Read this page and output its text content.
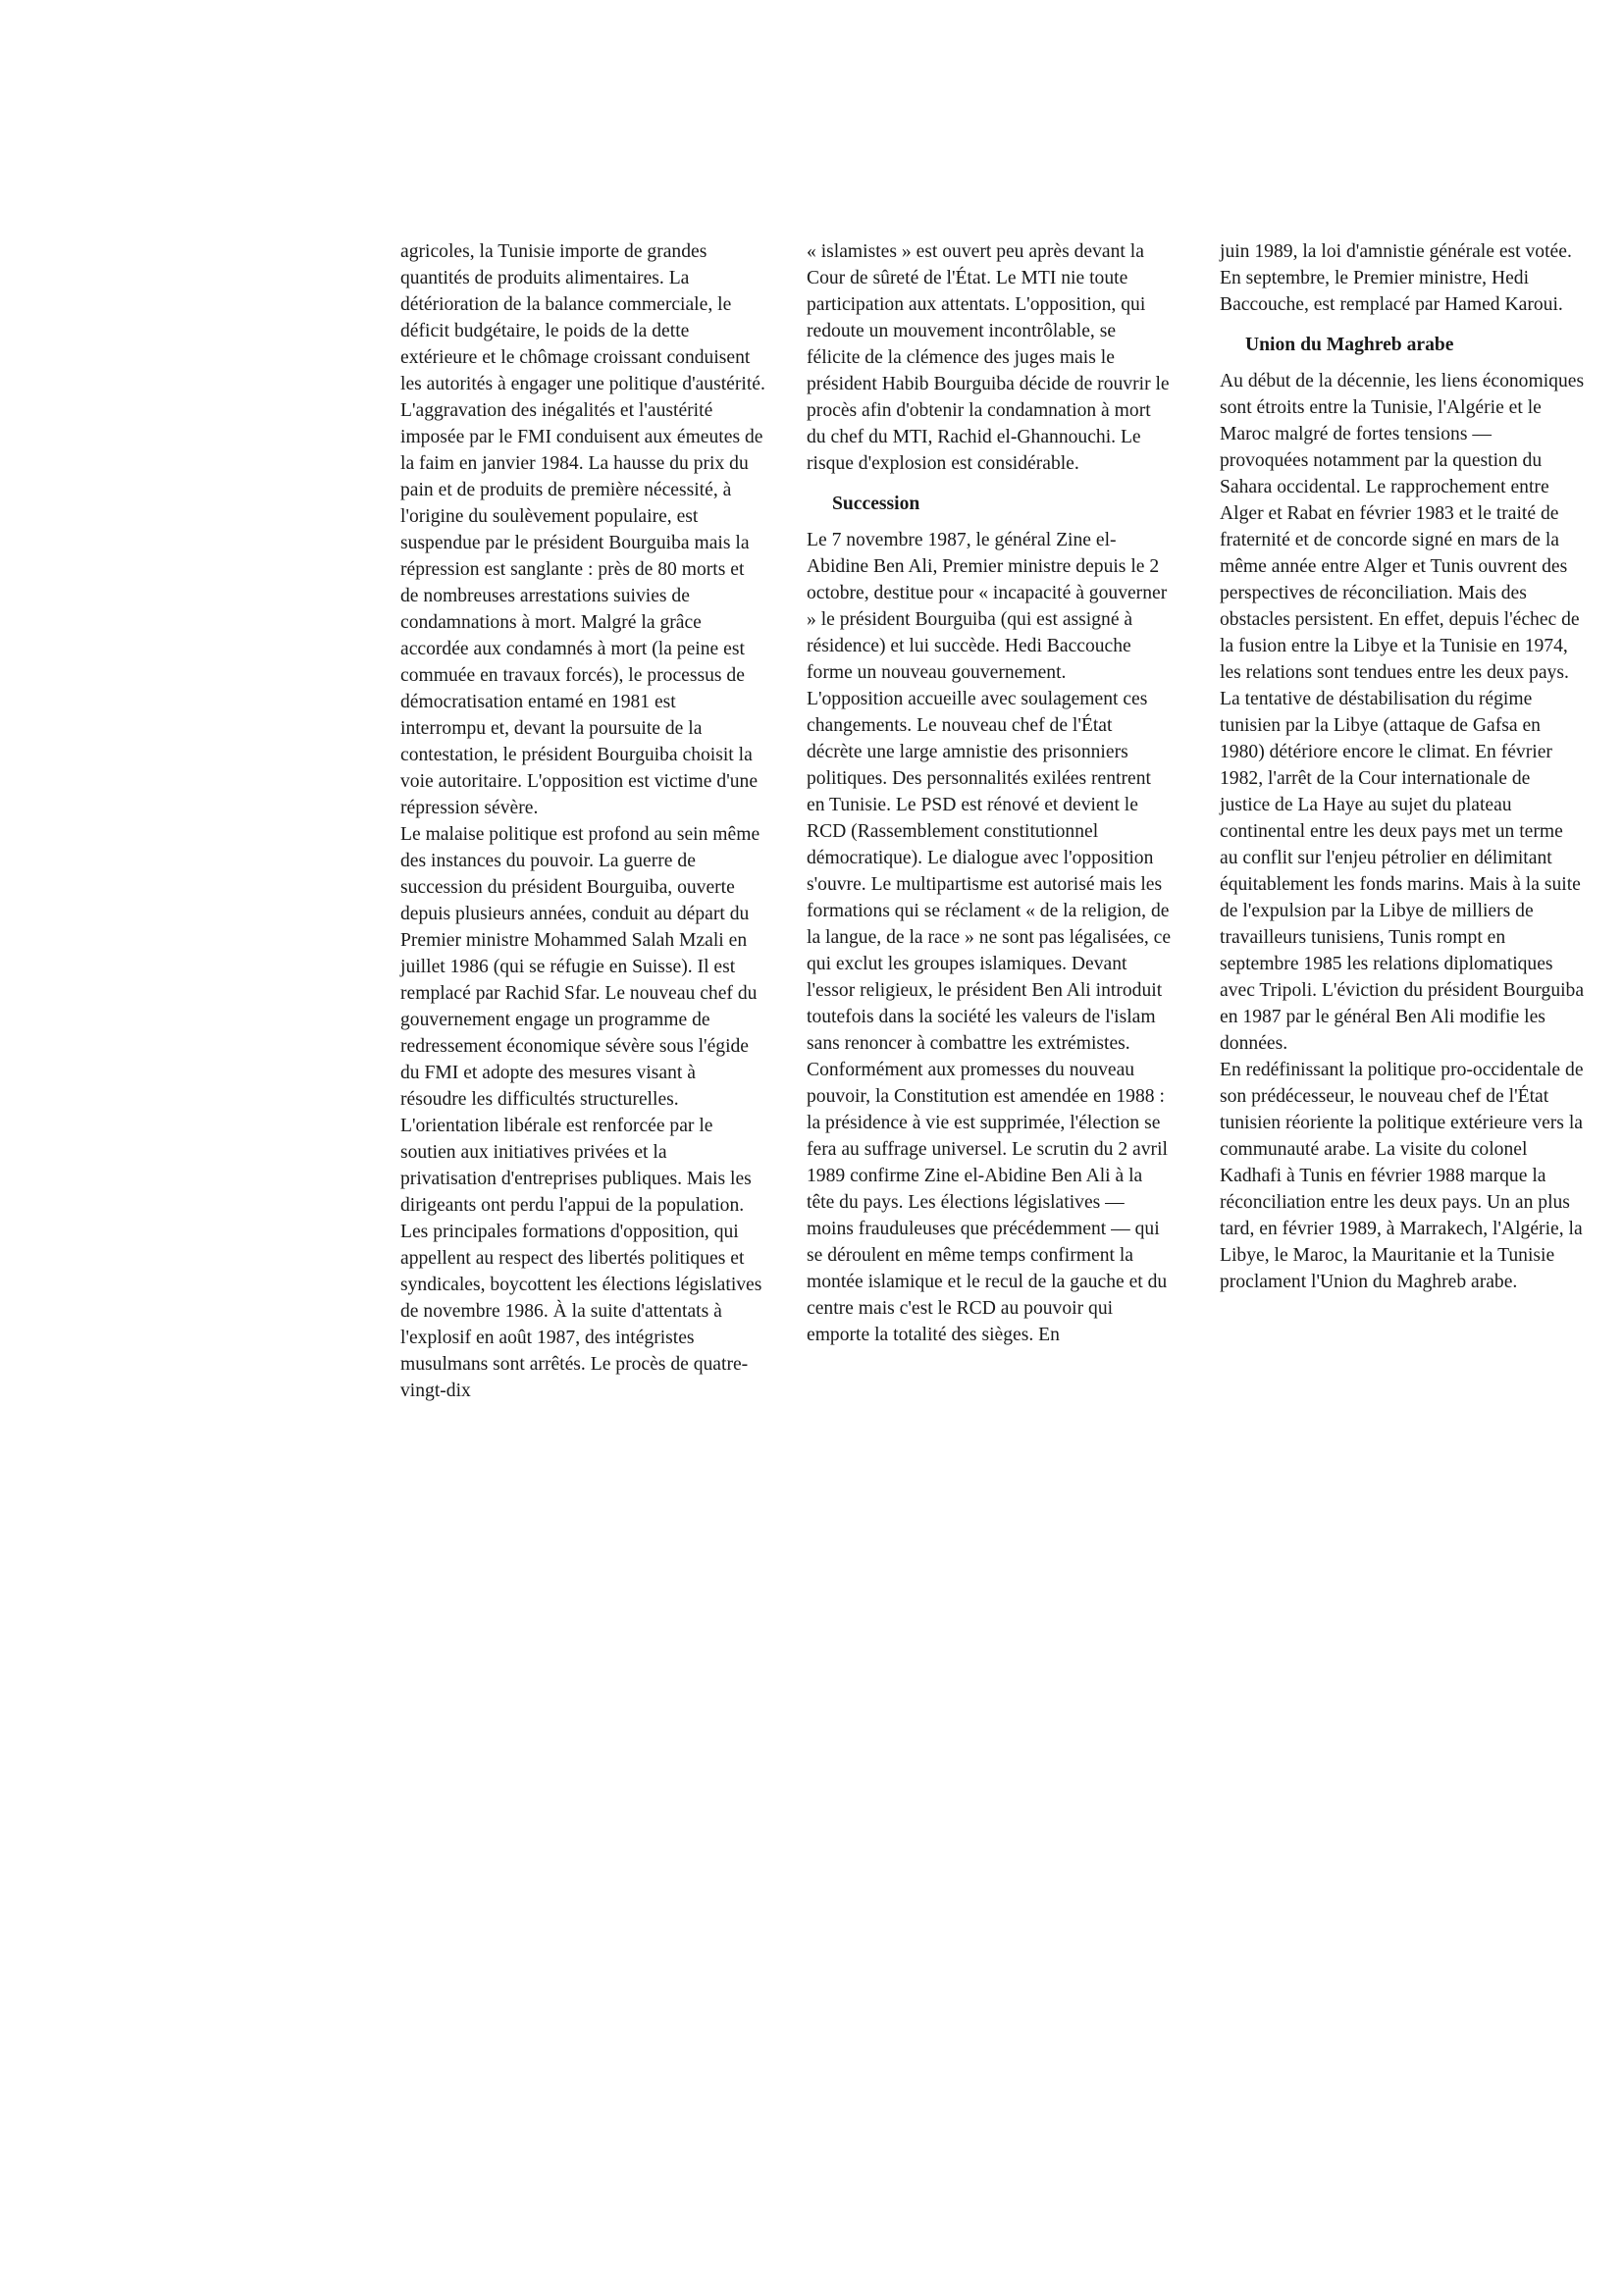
agricoles, la Tunisie importe de grandes quantités de produits alimentaires. La détérioration de la balance commerciale, le déficit budgétaire, le poids de la dette extérieure et le chômage croissant conduisent les autorités à engager une politique d'austérité. L'aggravation des inégalités et l'austérité imposée par le FMI conduisent aux émeutes de la faim en janvier 1984. La hausse du prix du pain et de produits de première nécessité, à l'origine du soulèvement populaire, est suspendue par le président Bourguiba mais la répression est sanglante : près de 80 morts et de nombreuses arrestations suivies de condamnations à mort. Malgré la grâce accordée aux condamnés à mort (la peine est commuée en travaux forcés), le processus de démocratisation entamé en 1981 est interrompu et, devant la poursuite de la contestation, le président Bourguiba choisit la voie autoritaire. L'opposition est victime d'une répression sévère.

Le malaise politique est profond au sein même des instances du pouvoir. La guerre de succession du président Bourguiba, ouverte depuis plusieurs années, conduit au départ du Premier ministre Mohammed Salah Mzali en juillet 1986 (qui se réfugie en Suisse). Il est remplacé par Rachid Sfar. Le nouveau chef du gouvernement engage un programme de redressement économique sévère sous l'égide du FMI et adopte des mesures visant à résoudre les difficultés structurelles. L'orientation libérale est renforcée par le soutien aux initiatives privées et la privatisation d'entreprises publiques. Mais les dirigeants ont perdu l'appui de la population. Les principales formations d'opposition, qui appellent au respect des libertés politiques et syndicales, boycottent les élections législatives de novembre 1986. À la suite d'attentats à l'explosif en août 1987, des intégristes musulmans sont arrêtés. Le procès de quatre-vingt-dix

« islamistes » est ouvert peu après devant la Cour de sûreté de l'État. Le MTI nie toute participation aux attentats. L'opposition, qui redoute un mouvement incontrôlable, se félicite de la clémence des juges mais le président Habib Bourguiba décide de rouvrir le procès afin d'obtenir la condamnation à mort du chef du MTI, Rachid el-Ghannouchi. Le risque d'explosion est considérable.

Succession

Le 7 novembre 1987, le général Zine el-Abidine Ben Ali, Premier ministre depuis le 2 octobre, destitue pour « incapacité à gouverner » le président Bourguiba (qui est assigné à résidence) et lui succède. Hedi Baccouche forme un nouveau gouvernement.

L'opposition accueille avec soulagement ces changements. Le nouveau chef de l'État décrète une large amnistie des prisonniers politiques. Des personnalités exilées rentrent en Tunisie. Le PSD est rénové et devient le RCD (Rassemblement constitutionnel démocratique). Le dialogue avec l'opposition s'ouvre. Le multipartisme est autorisé mais les formations qui se réclament « de la religion, de la langue, de la race » ne sont pas légalisées, ce qui exclut les groupes islamiques. Devant l'essor religieux, le président Ben Ali introduit toutefois dans la société les valeurs de l'islam sans renoncer à combattre les extrémistes.

Conformément aux promesses du nouveau pouvoir, la Constitution est amendée en 1988 : la présidence à vie est supprimée, l'élection se fera au suffrage universel. Le scrutin du 2 avril 1989 confirme Zine el-Abidine Ben Ali à la tête du pays. Les élections législatives — moins frauduleuses que précédemment — qui se déroulent en même temps confirment la montée islamique et le recul de la gauche et du centre mais c'est le RCD au pouvoir qui emporte la totalité des sièges. En

juin 1989, la loi d'amnistie générale est votée. En septembre, le Premier ministre, Hedi Baccouche, est remplacé par Hamed Karoui.

Union du Maghreb arabe

Au début de la décennie, les liens économiques sont étroits entre la Tunisie, l'Algérie et le Maroc malgré de fortes tensions — provoquées notamment par la question du Sahara occidental. Le rapprochement entre Alger et Rabat en février 1983 et le traité de fraternité et de concorde signé en mars de la même année entre Alger et Tunis ouvrent des perspectives de réconciliation. Mais des obstacles persistent. En effet, depuis l'échec de la fusion entre la Libye et la Tunisie en 1974, les relations sont tendues entre les deux pays. La tentative de déstabilisation du régime tunisien par la Libye (attaque de Gafsa en 1980) détériore encore le climat. En février 1982, l'arrêt de la Cour internationale de justice de La Haye au sujet du plateau continental entre les deux pays met un terme au conflit sur l'enjeu pétrolier en délimitant équitablement les fonds marins. Mais à la suite de l'expulsion par la Libye de milliers de travailleurs tunisiens, Tunis rompt en septembre 1985 les relations diplomatiques avec Tripoli. L'éviction du président Bourguiba en 1987 par le général Ben Ali modifie les données.

En redéfinissant la politique pro-occidentale de son prédécesseur, le nouveau chef de l'État tunisien réoriente la politique extérieure vers la communauté arabe. La visite du colonel Kadhafi à Tunis en février 1988 marque la réconciliation entre les deux pays. Un an plus tard, en février 1989, à Marrakech, l'Algérie, la Libye, le Maroc, la Mauritanie et la Tunisie proclament l'Union du Maghreb arabe.
